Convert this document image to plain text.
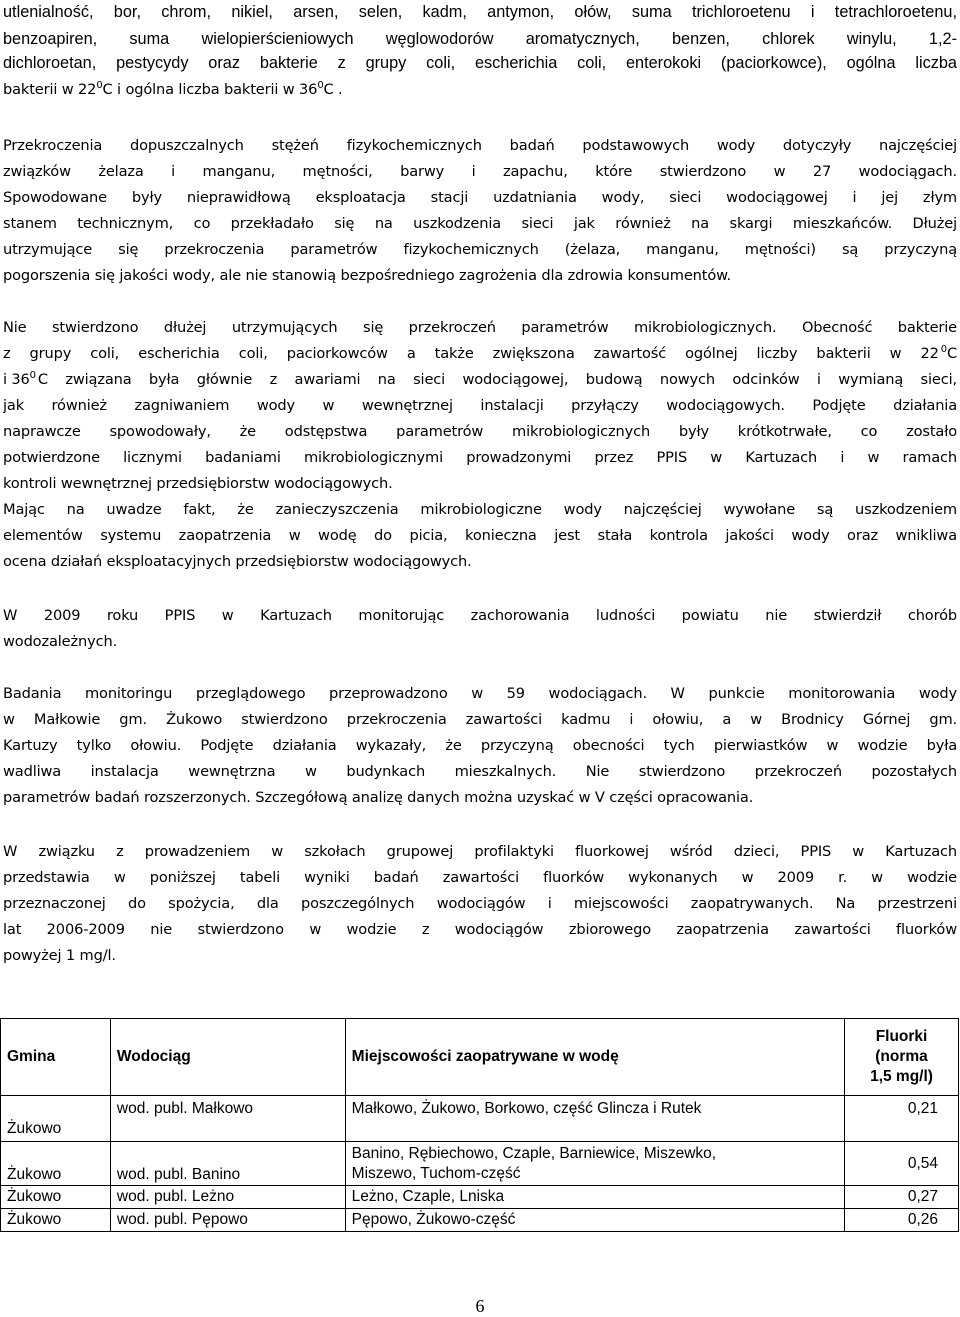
utlenialność, bor, chrom, nikiel, arsen, selen, kadm, antymon, ołów, suma trichloroetenu i tetrachloroetenu,
benzoapiren, suma wielopierścieniowych węglowodorów aromatycznych, benzen, chlorek winylu, 1,2-
dichloroetan, pestycydy oraz bakterie z grupy coli, escherichia coli, enterokoki (paciorkowce), ogólna liczba
bakterii w $22^0C$ i ogólna liczba bakterii w $36^0C$ .
Przekroczenia dopuszczalnych stężeń fizykochemicznych badań podstawowych wody dotyczyły najczęściej
związków żelaza i manganu, mętności, barwy i zapachu, które stwierdzono w 27 wodociągach.
Spowodowane były nieprawidłową eksploatacja stacji uzdatniania wody, sieci wodociągowej i jej złym
stanem technicznym, co przekładało się na uszkodzenia sieci jak również na skargi mieszkańców. Dłużej
utrzymujące się przekroczenia parametrów fizykochemicznych (żelaza, manganu, mętności) są przyczyną
pogorszenia się jakości wody, ale nie stanowią bezpośredniego zagrożenia dla zdrowia konsumentów.
Nie stwierdzono dłużej utrzymujących się przekroczeń parametrów mikrobiologicznych. Obecność bakterie
z grupy coli, escherichia coli, paciorkowców a także zwiększona zawartość ogólnej liczby bakterii w 22 $^0$C
i $36_0$ C związana była głównie z awariami na sieci wodociągowej, budową nowych odcinków i wymianą sieci,
jak również zagniwaniem wody w wewnętrznej instalacji przyłączy wodociągowych. Podjęte działania
naprawcze spowodowały, że odstępstwa parametrów mikrobiologicznych były krótkotrwałe, co zostało
potwierdzone licznymi badaniami mikrobiologicznymi prowadzonymi przez PPIS w Kartuzach i w ramach
kontroli wewnętrznej przedsiębiorstw wodociągowych.
Mając na uwadze fakt, że zanieczyszczenia mikrobiologiczne wody najczęściej wywołane są uszkodzeniem
elementów systemu zaopatrzenia w wodę do picia, konieczna jest stała kontrola jakości wody oraz wnikliwa
ocena działań eksploatacyjnych przedsiębiorstw wodociągowych.
W 2009 roku PPIS w Kartuzach monitorując zachorowania ludności powiatu nie stwierdził chorób
wodozależnych.
Badania monitoringu przeglądowego przeprowadzono w 59 wodociągach. W punkcie monitorowania wody
w Małkowie gm. Żukowo stwierdzono przekroczenia zawartości kadmu i ołowiu, a w Brodnicy Górnej gm.
Kartuzy tylko ołowiu. Podjęte działania wykazały, że przyczyną obecności tych pierwiastków w wodzie była
wadliwa instalacja wewnętrzna w budynkach mieszkalnych. Nie stwierdzono przekroczeń pozostałych
parametrów badań rozszerzonych. Szczegółową analizę danych można uzyskać w V części opracowania.
W związku z prowadzeniem w szkołach grupowej profilaktyki fluorkowej wśród dzieci, PPIS w Kartuzach
przedstawia w poniższej tabeli wyniki badań zawartości fluorków wykonanych w 2009 r. w wodzie
przeznaczonej do spożycia, dla poszczególnych wodociągów i miejscowości zaopatrywanych. Na przestrzeni
lat 2006-2009 nie stwierdzono w wodzie z wodociągów zbiorowego zaopatrzenia zawartości fluorków
powyżej 1 mg/l.
Gmina	Wodociąg	Miejscowości zaopatrywane w wodę	Fluorki
(norma
1,5 mg/l)

Żukowo	wod. publ. Małkowo	Małkowo, Żukowo, Borkowo, część Glincza i Rutek	0,21
Żukowo	wod. publ. Banino	Banino, Rębiechowo, Czaple, Barniewice, Miszewko,
Miszewo, Tuchom-część	0,54
Żukowo	wod. publ. Leżno	Leżno, Czaple, Lniska	0,27
Żukowo	wod. publ. Pępowo	Pępowo, Żukowo-część	0,26
6
